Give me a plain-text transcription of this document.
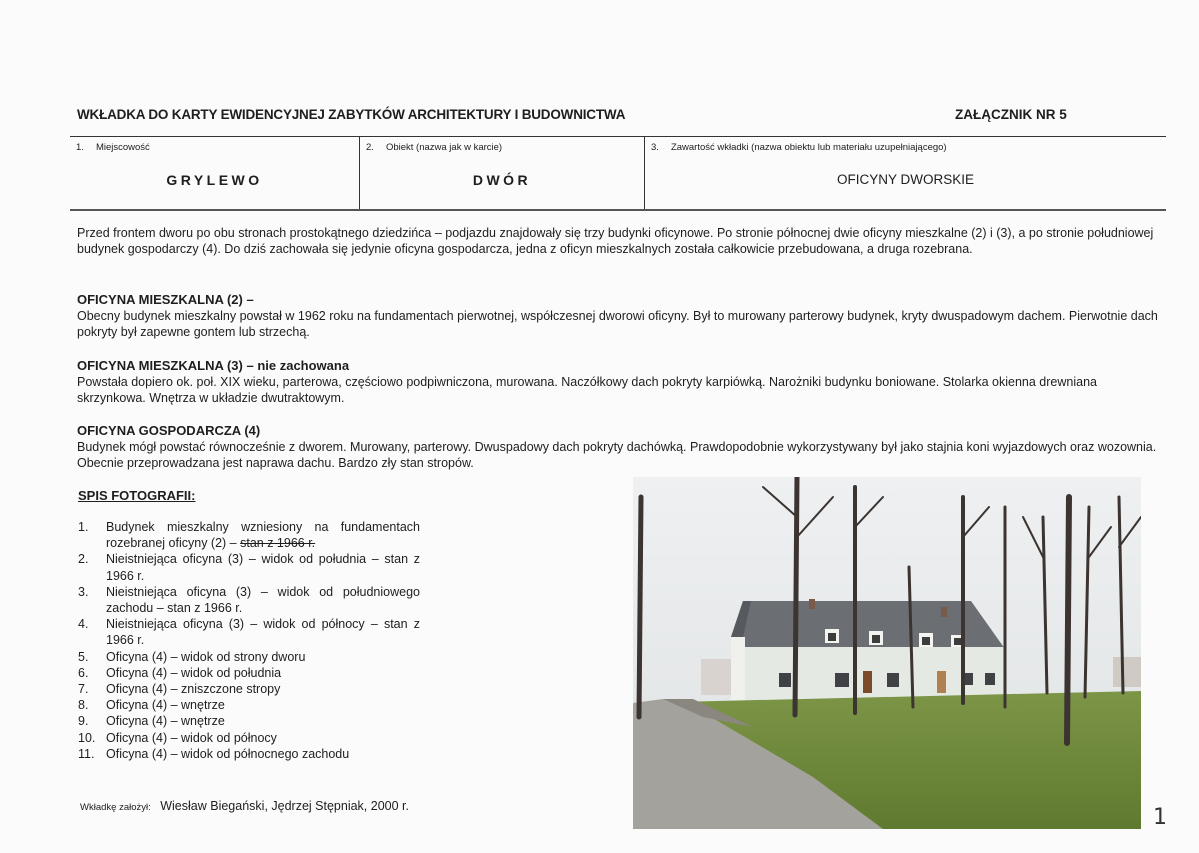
WKŁADKA DO KARTY EWIDENCYJNEJ ZABYTKÓW ARCHITEKTURY I BUDOWNICTWA	ZAŁĄCZNIK NR 5
1. Miejscowość
GRYLEWO
2. Obiekt (nazwa jak w karcie)
DWÓR
3. Zawartość wkładki (nazwa obiektu lub materiału uzupełniającego)
OFICYNY DWORSKIE

Przed frontem dworu po obu stronach prostokątnego dziedzińca – podjazdu znajdowały się trzy budynki oficynowe. Po stronie północnej dwie oficyny mieszkalne (2) i (3), a po stronie południowej budynek gospodarczy (4). Do dziś zachowała się jedynie oficyna gospodarcza, jedna z oficyn mieszkalnych została całkowicie przebudowana, a druga rozebrana.

OFICYNA MIESZKALNA (2) –
Obecny budynek mieszkalny powstał w 1962 roku na fundamentach pierwotnej, współczesnej dworowi oficyny. Był to murowany parterowy budynek, kryty dwuspadowym dachem. Pierwotnie dach pokryty był zapewne gontem lub strzechą.
OFICYNA MIESZKALNA (3) – nie zachowana
Powstała dopiero ok. poł. XIX wieku, parterowa, częściowo podpiwniczona, murowana. Naczółkowy dach pokryty karpiówką. Narożniki budynku boniowane. Stolarka okienna drewniana skrzynkowa. Wnętrza w układzie dwutraktowym.
OFICYNA GOSPODARCZA (4)
Budynek mógł powstać równocześnie z dworem. Murowany, parterowy. Dwuspadowy dach pokryty dachówką. Prawdopodobnie wykorzystywany był jako stajnia koni wyjazdowych oraz wozownia. Obecnie przeprowadzana jest naprawa dachu. Bardzo zły stan stropów.
SPIS FOTOGRAFII:
1.	Budynek mieszkalny wzniesiony na fundamentach rozebranej oficyny (2) – stan z 1966 r.
2.	Nieistniejąca oficyna (3) – widok od południa – stan z 1966 r.
3.	Nieistniejąca oficyna (3) – widok od południowego zachodu – stan z 1966 r.
4.	Nieistniejąca oficyna (3) – widok od północy – stan z 1966 r.
5.	Oficyna (4) – widok od strony dworu
6.	Oficyna (4) – widok od południa
7.	Oficyna (4) – zniszczone stropy
8.	Oficyna (4) – wnętrze
9.	Oficyna (4) – wnętrze
10. Oficyna (4) – widok od północy
11. Oficyna (4) – widok od północnego zachodu
Wkładkę założył: Wiesław Biegański, Jędrzej Stępniak, 2000 r.	1
